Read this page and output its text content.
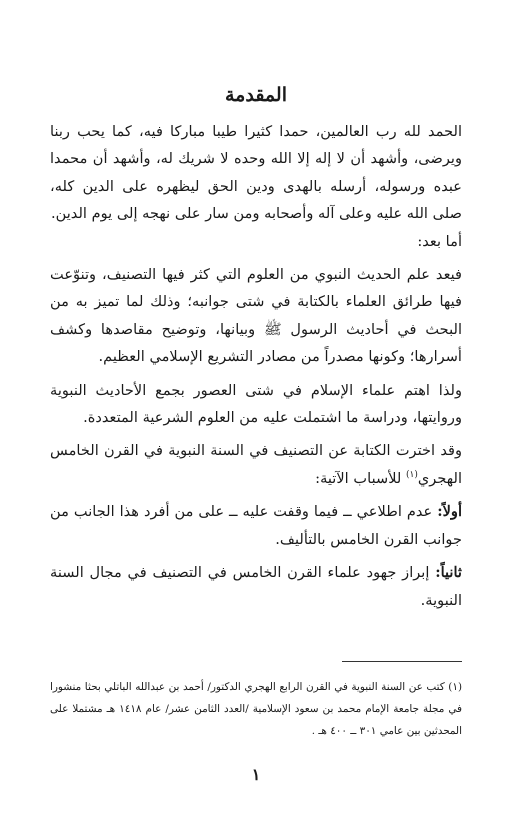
المقدمة

الحمد لله رب العالمين، حمدا كثيرا طيبا مباركا فيه، كما يحب ربنا ويرضى، وأشهد أن لا إله إلا الله وحده لا شريك له، وأشهد أن محمدا عبده ورسوله، أرسله بالهدى ودين الحق ليظهره على الدين كله، صلى الله عليه وعلى آله وأصحابه ومن سار على نهجه إلى يوم الدين.

أما بعد:

فيعد علم الحديث النبوي من العلوم التي كثر فيها التصنيف، وتنوّعت فيها طرائق العلماء بالكتابة في شتى جوانبه؛ وذلك لما تميز به من البحث في أحاديث الرسول ﷺ وبيانها، وتوضيح مقاصدها وكشف أسرارها؛ وكونها مصدراً من مصادر التشريع الإسلامي العظيم.

ولذا اهتم علماء الإسلام في شتى العصور بجمع الأحاديث النبوية وروايتها، ودراسة ما اشتملت عليه من العلوم الشرعية المتعددة.

وقد اخترت الكتابة عن التصنيف في السنة النبوية في القرن الخامس الهجري$^{(١)}$ للأسباب الآتية:

أولاً: عدم اطلاعي ــ فيما وقفت عليه ــ على من أفرد هذا الجانب من جوانب القرن الخامس بالتأليف.

ثانياً: إبراز جهود علماء القرن الخامس في التصنيف في مجال السنة النبوية.

(١) كتب عن السنة النبوية في القرن الرابع الهجري الدكتور/ أحمد بن عبدالله الباتلي بحثا منشورا في مجلة جامعة الإمام محمد بن سعود الإسلامية /العدد الثامن عشر/ عام ١٤١٨ هـ مشتملا على المحدثين بين عامي ٣٠١ ــ ٤٠٠ هـ .
١
